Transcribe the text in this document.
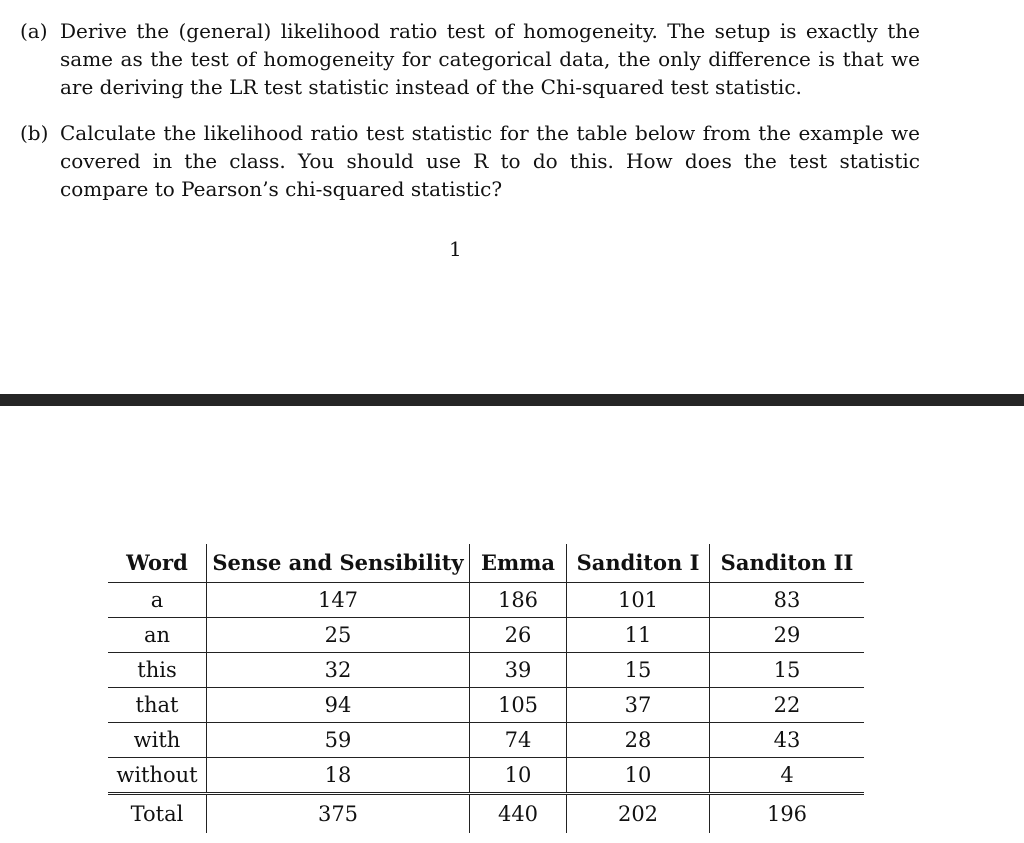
(a) Derive the (general) likelihood ratio test of homogeneity. The setup is exactly the same as the test of homogeneity for categorical data, the only difference is that we are deriving the LR test statistic instead of the Chi-squared test statistic.
(b) Calculate the likelihood ratio test statistic for the table below from the example we covered in the class. You should use R to do this. How does the test statistic compare to Pearson’s chi-squared statistic?
1
Word	Sense and Sensibility	Emma	Sanditon I	Sanditon II
a	147	186	101	83
an	25	26	11	29
this	32	39	15	15
that	94	105	37	22
with	59	74	28	43
without	18	10	10	4
Total	375	440	202	196
